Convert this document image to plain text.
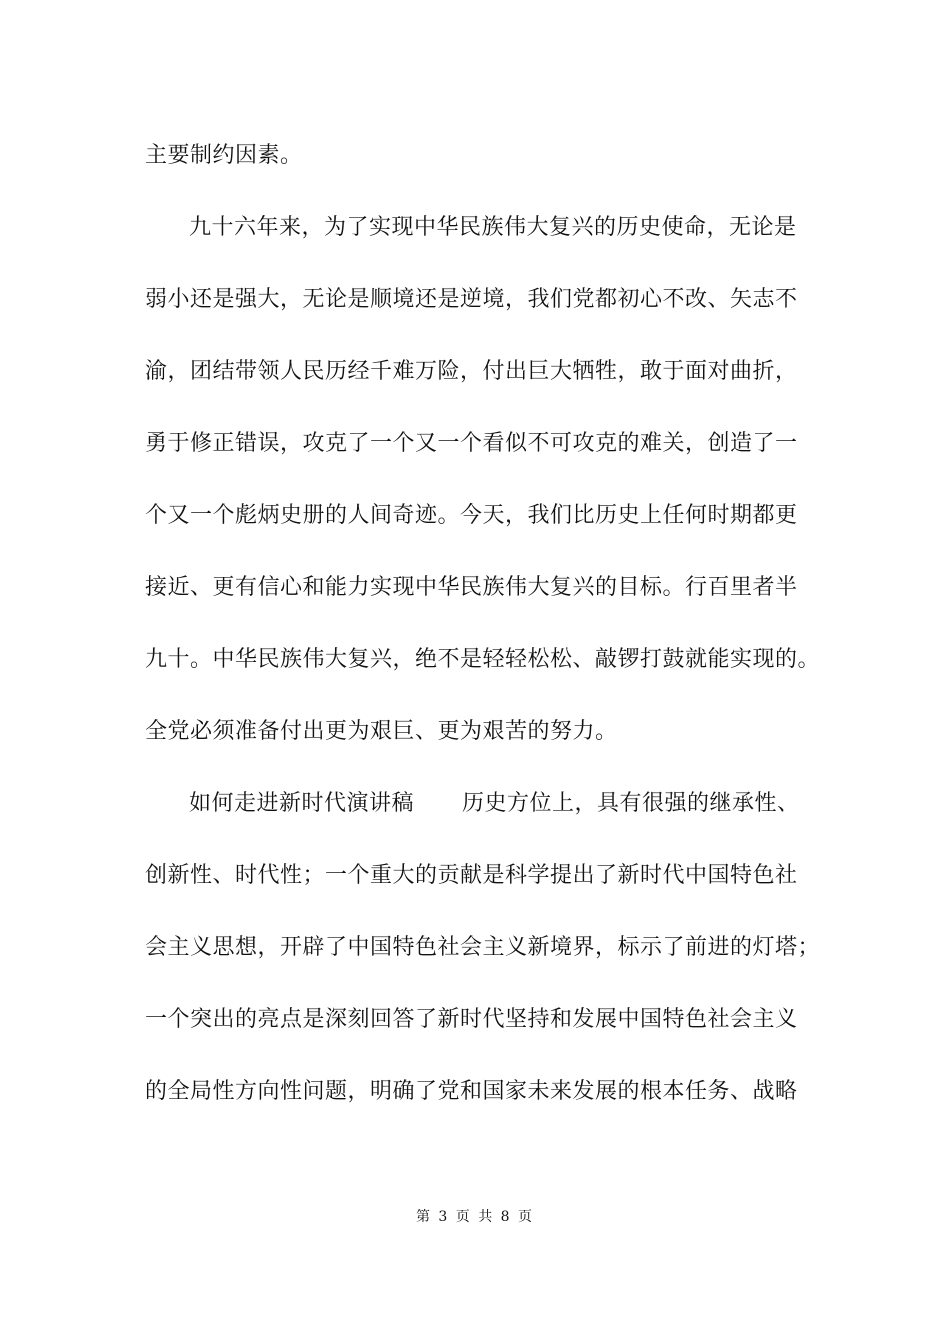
主要制约因素。
九十六年来，为了实现中华民族伟大复兴的历史使命，无论是
弱小还是强大，无论是顺境还是逆境，我们党都初心不改、矢志不
渝，团结带领人民历经千难万险，付出巨大牺牲，敢于面对曲折，
勇于修正错误，攻克了一个又一个看似不可攻克的难关，创造了一
个又一个彪炳史册的人间奇迹。今天，我们比历史上任何时期都更
接近、更有信心和能力实现中华民族伟大复兴的目标。行百里者半
九十。中华民族伟大复兴，绝不是轻轻松松、敲锣打鼓就能实现的。
全党必须准备付出更为艰巨、更为艰苦的努力。
如何走进新时代演讲稿 历史方位上，具有很强的继承性、
创新性、时代性；一个重大的贡献是科学提出了新时代中国特色社
会主义思想，开辟了中国特色社会主义新境界，标示了前进的灯塔；
一个突出的亮点是深刻回答了新时代坚持和发展中国特色社会主义
的全局性方向性问题，明确了党和国家未来发展的根本任务、战略
第 3 页 共 8 页
